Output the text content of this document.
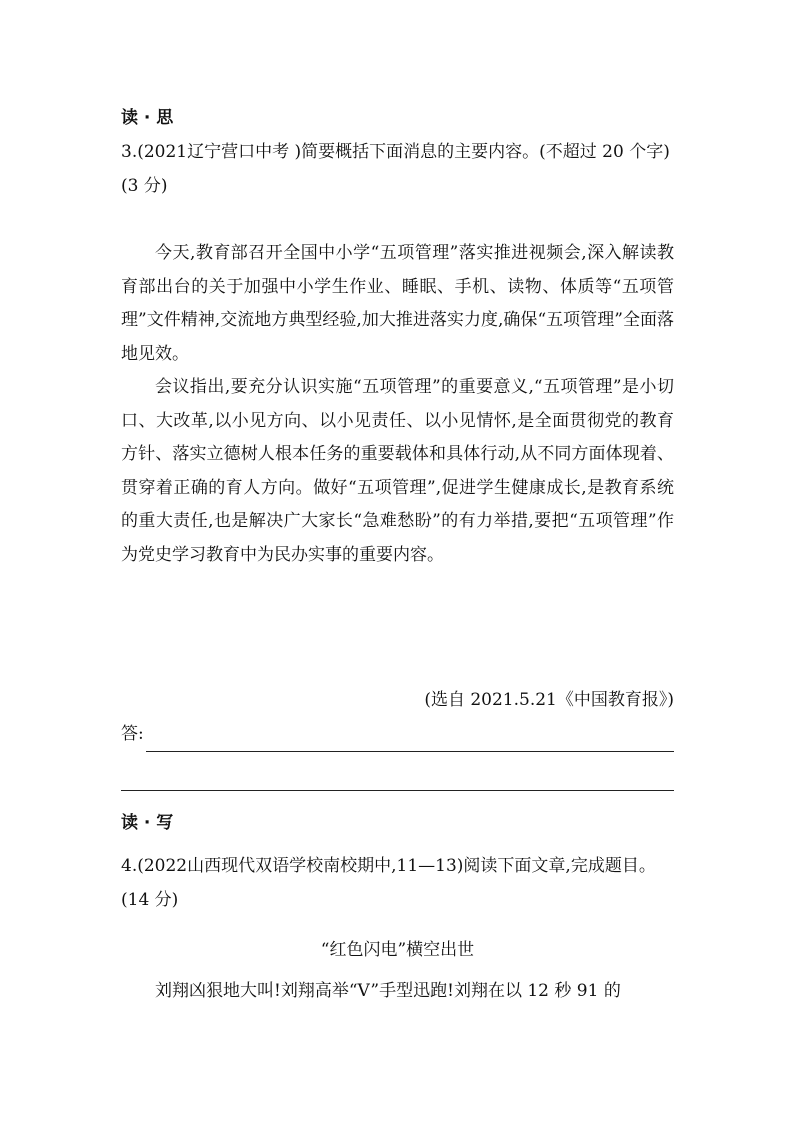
读 · 思

3.(2021辽宁营口中考 )简要概括下面消息的主要内容。(不超过 20 个字) (3 分)

今天,教育部召开全国中小学“五项管理”落实推进视频会,深入解读教育部出台的关于加强中小学生作业、睡眠、手机、读物、体质等“五项管理”文件精神,交流地方典型经验,加大推进落实力度,确保“五项管理”全面落地见效。

会议指出,要充分认识实施“五项管理”的重要意义,“五项管理”是小切口、大改革,以小见方向、以小见责任、以小见情怀,是全面贯彻党的教育方针、落实立德树人根本任务的重要载体和具体行动,从不同方面体现着、贯穿着正确的育人方向。做好“五项管理”,促进学生健康成长,是教育系统的重大责任,也是解决广大家长“急难愁盼”的有力举措,要把“五项管理”作为党史学习教育中为民办实事的重要内容。

(选自 2021.5.21《中国教育报》)
答:
读 · 写

4.(2022山西现代双语学校南校期中,11—13)阅读下面文章,完成题目。(14 分)

“红色闪电”横空出世

刘翔凶狠地大叫!刘翔高举“V”手型迅跑!刘翔在以 12 秒 91 的
